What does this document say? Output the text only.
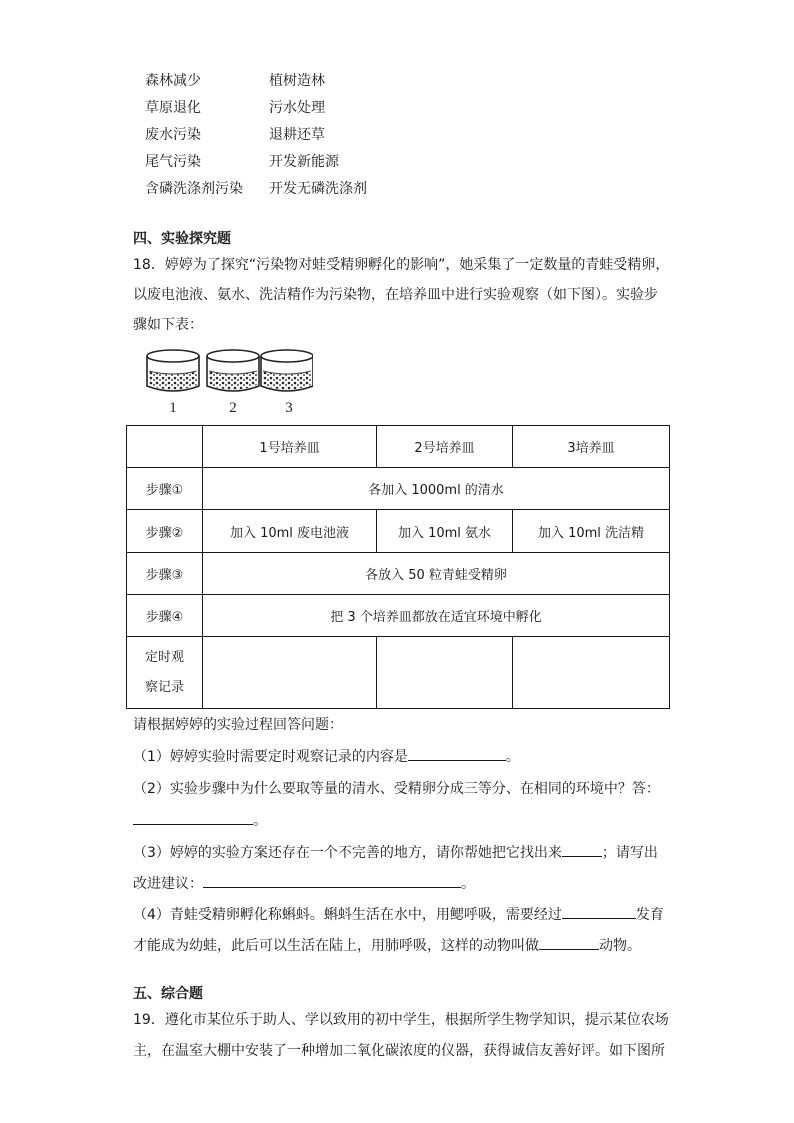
森林减少	植树造林
草原退化	污水处理
废水污染	退耕还草
尾气污染	开发新能源
含磷洗涤剂污染 开发无磷洗涤剂
四、实验探究题
18．婷婷为了探究“污染物对蛙受精卵孵化的影响”，她采集了一定数量的青蛙受精卵，
以废电池液、氨水、洗洁精作为污染物，在培养皿中进行实验观察（如下图）。实验步
骤如下表：
1	2	3
	1号培养皿	2号培养皿	3培养皿
步骤①	各加入 1000ml 的清水		
步骤②	加入 10ml 废电池液	加入 10ml 氨水	加入 10ml 洗洁精
步骤③	各放入 50 粒青蛙受精卵		
步骤④	把 3 个培养皿都放在适宜环境中孵化		

定时观
察记录			

请根据婷婷的实验过程回答问题：
（1）婷婷实验时需要定时观察记录的内容是	。
（2）实验步骤中为什么要取等量的清水、受精卵分成三等分、在相同的环境中？答：
。
（3）婷婷的实验方案还存在一个不完善的地方，请你帮她把它找出来	；请写出
改进建议：	。
（4）青蛙受精卵孵化称蝌蚪。蝌蚪生活在水中，用鳃呼吸，需要经过	发育
才能成为幼蛙，此后可以生活在陆上，用肺呼吸，这样的动物叫做	动物。
五、综合题
19．遵化市某位乐于助人、学以致用的初中学生，根据所学生物学知识，提示某位农场
主，在温室大棚中安装了一种增加二氧化碳浓度的仪器，获得诚信友善好评。如下图所
